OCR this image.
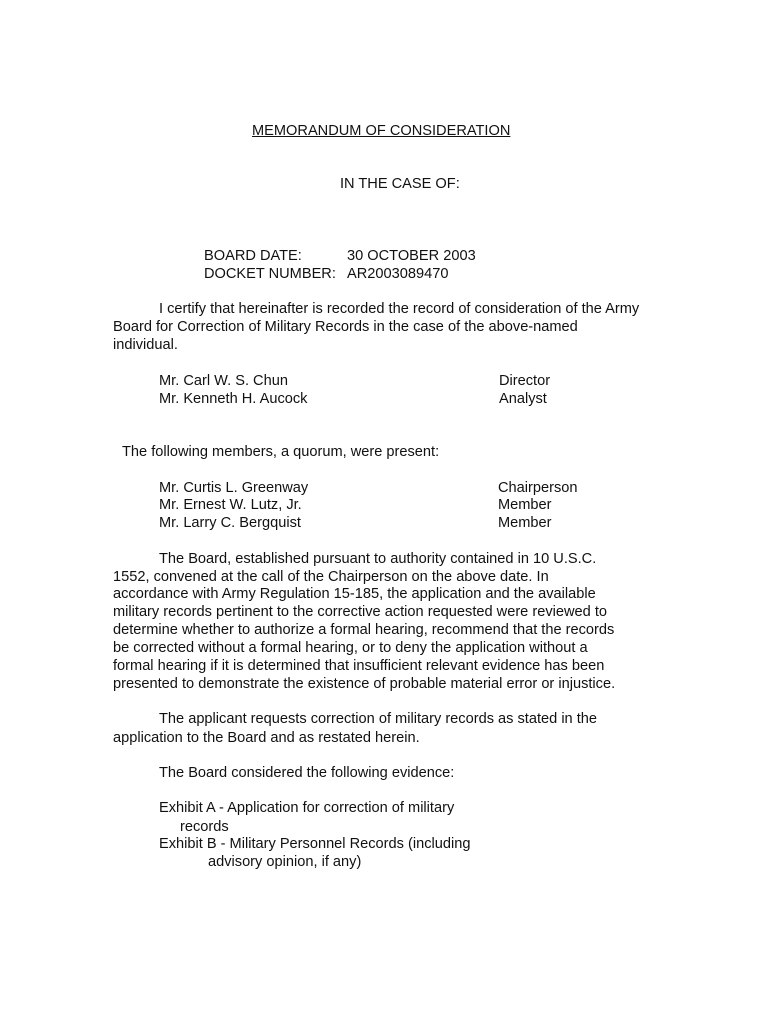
MEMORANDUM OF CONSIDERATION
IN THE CASE OF:
BOARD DATE:	30 OCTOBER 2003
DOCKET NUMBER: AR2003089470
I certify that hereinafter is recorded the record of consideration of the Army
Board for Correction of Military Records in the case of the above-named
individual.
Mr. Carl W. S. Chun	Director
Mr. Kenneth H. Aucock	Analyst
The following members, a quorum, were present:
Mr. Curtis L. Greenway	Chairperson
Mr. Ernest W. Lutz, Jr.	Member
Mr. Larry C. Bergquist	Member
The Board, established pursuant to authority contained in 10 U.S.C.
1552, convened at the call of the Chairperson on the above date. In
accordance with Army Regulation 15-185, the application and the available
military records pertinent to the corrective action requested were reviewed to
determine whether to authorize a formal hearing, recommend that the records
be corrected without a formal hearing, or to deny the application without a
formal hearing if it is determined that insufficient relevant evidence has been
presented to demonstrate the existence of probable material error or injustice.
The applicant requests correction of military records as stated in the
application to the Board and as restated herein.
The Board considered the following evidence:
Exhibit A - Application for correction of military
records
Exhibit B - Military Personnel Records (including
advisory opinion, if any)
